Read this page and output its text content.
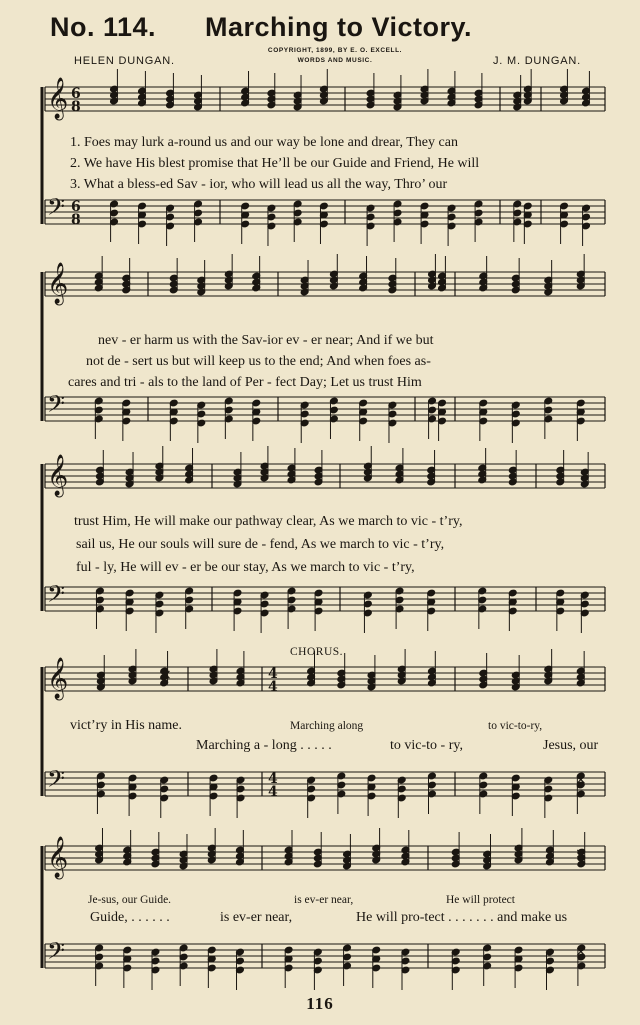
No. 114. Marching to Victory.
COPYRIGHT, 1899, BY E. O. EXCELL.
WORDS AND MUSIC.
HELEN DUNGAN.	J. M. DUNGAN.
𝄞
𝄢
6
8
6
8
𝄞
𝄢
𝄞
𝄢
𝄞
𝄢
4
4
4
4
×	×
×
𝄞
𝄢
×	×
×
1. Foes may lurk a-round us and our way be lone and drear, They can
2. We have His blest promise that He’ll be our Guide and Friend, He will
3. What a bless-ed Sav - ior, who will lead us all the way, Thro’ our
nev - er harm us with the Sav-ior ev - er near; And if we but
not de - sert us but will keep us to the end; And when foes as-
cares and tri - als to the land of Per - fect Day; Let us trust Him
trust Him, He will make our pathway clear, As we march to vic - t’ry,
sail us, He our souls will sure de - fend, As we march to vic - t’ry,
ful - ly, He will ev - er be our stay, As we march to vic - t’ry,
CHORUS.
vict’ry in His name.	Marching along	to vic-to-ry,
Marching a - long . . . . .	to vic-to - ry,	Jesus, our
Je-sus, our Guide.	is ev-er near,	He will protect
Guide, . . . . . .	is ev-er near,	He will pro-tect . . . . . . . and make us
116
